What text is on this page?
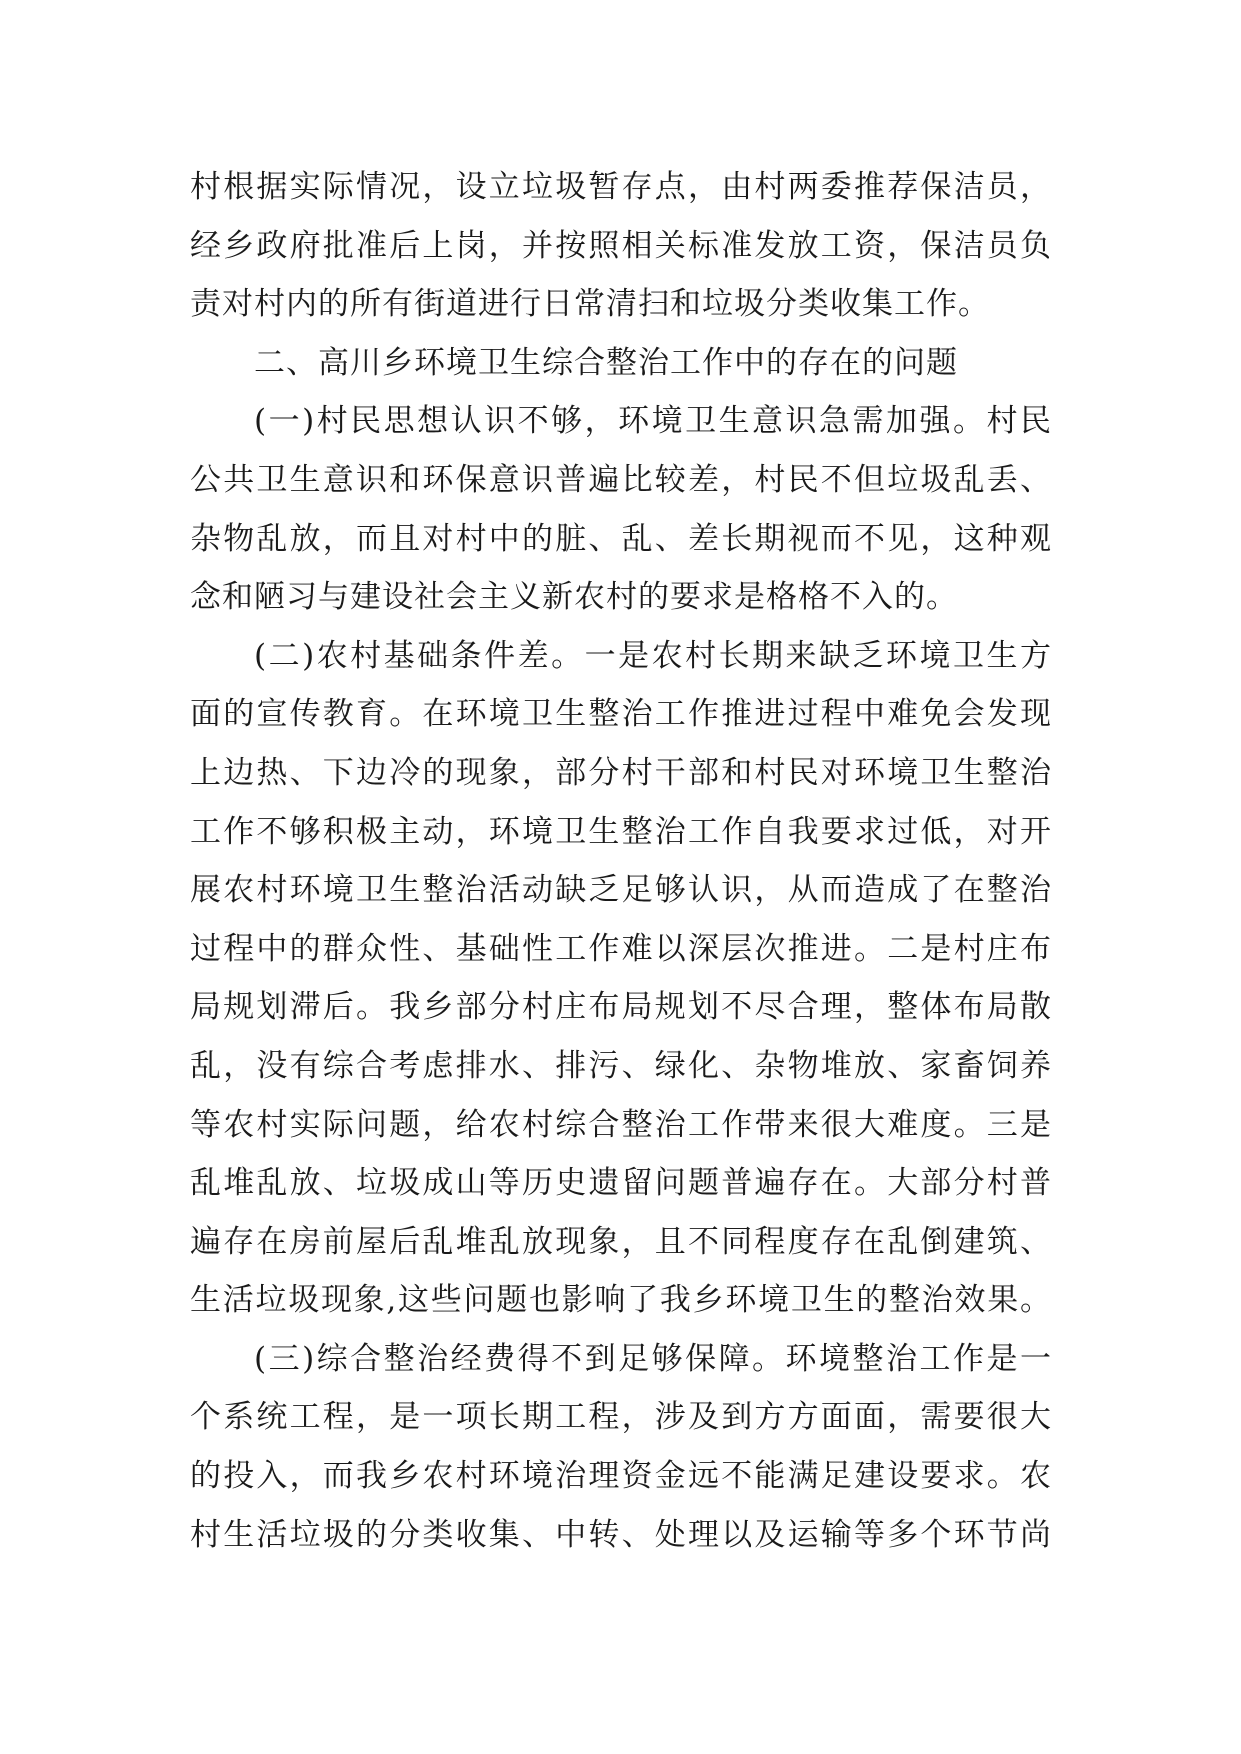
村根据实际情况，设立垃圾暂存点，由村两委推荐保洁员，
经乡政府批准后上岗，并按照相关标准发放工资，保洁员负
责对村内的所有街道进行日常清扫和垃圾分类收集工作。
二、高川乡环境卫生综合整治工作中的存在的问题
(一)村民思想认识不够，环境卫生意识急需加强。村民
公共卫生意识和环保意识普遍比较差，村民不但垃圾乱丢、
杂物乱放，而且对村中的脏、乱、差长期视而不见，这种观
念和陋习与建设社会主义新农村的要求是格格不入的。
(二)农村基础条件差。一是农村长期来缺乏环境卫生方
面的宣传教育。在环境卫生整治工作推进过程中难免会发现
上边热、下边冷的现象，部分村干部和村民对环境卫生整治
工作不够积极主动，环境卫生整治工作自我要求过低，对开
展农村环境卫生整治活动缺乏足够认识，从而造成了在整治
过程中的群众性、基础性工作难以深层次推进。二是村庄布
局规划滞后。我乡部分村庄布局规划不尽合理，整体布局散
乱，没有综合考虑排水、排污、绿化、杂物堆放、家畜饲养
等农村实际问题，给农村综合整治工作带来很大难度。三是
乱堆乱放、垃圾成山等历史遗留问题普遍存在。大部分村普
遍存在房前屋后乱堆乱放现象，且不同程度存在乱倒建筑、
生活垃圾现象,这些问题也影响了我乡环境卫生的整治效果。
(三)综合整治经费得不到足够保障。环境整治工作是一
个系统工程，是一项长期工程，涉及到方方面面，需要很大
的投入，而我乡农村环境治理资金远不能满足建设要求。农
村生活垃圾的分类收集、中转、处理以及运输等多个环节尚
